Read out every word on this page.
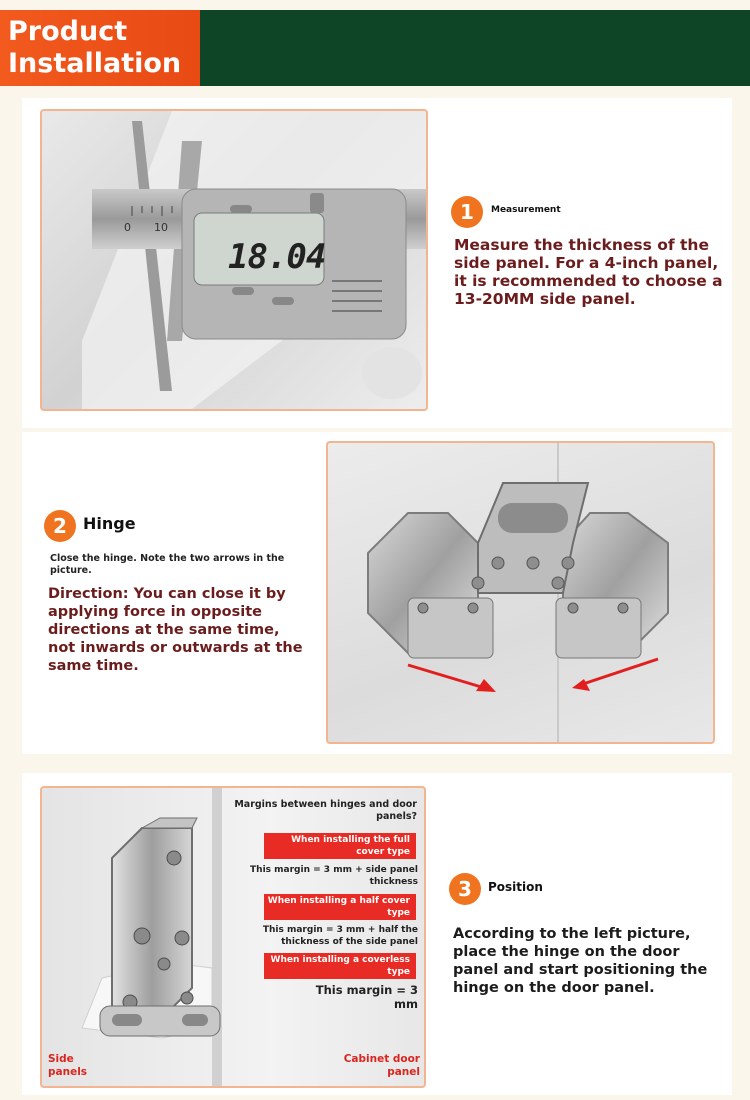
Product
Installation
18.04
10
0
1	Measurement
Measure the thickness of the side panel. For a 4-inch panel, it is recommended to choose a 13-20MM side panel.
2	Hinge
Close the hinge. Note the two arrows in the picture.
Direction: You can close it by applying force in opposite directions at the same time, not inwards or outwards at the same time.
Margins between hinges and door panels?
When installing the full cover type
This margin = 3 mm + side panel thickness
When installing a half cover type
This margin = 3 mm + half the thickness of the side panel
When installing a coverless type
This margin = 3 mm
Side panels
Cabinet door panel
3	Position
According to the left picture, place the hinge on the door panel and start positioning the hinge on the door panel.
